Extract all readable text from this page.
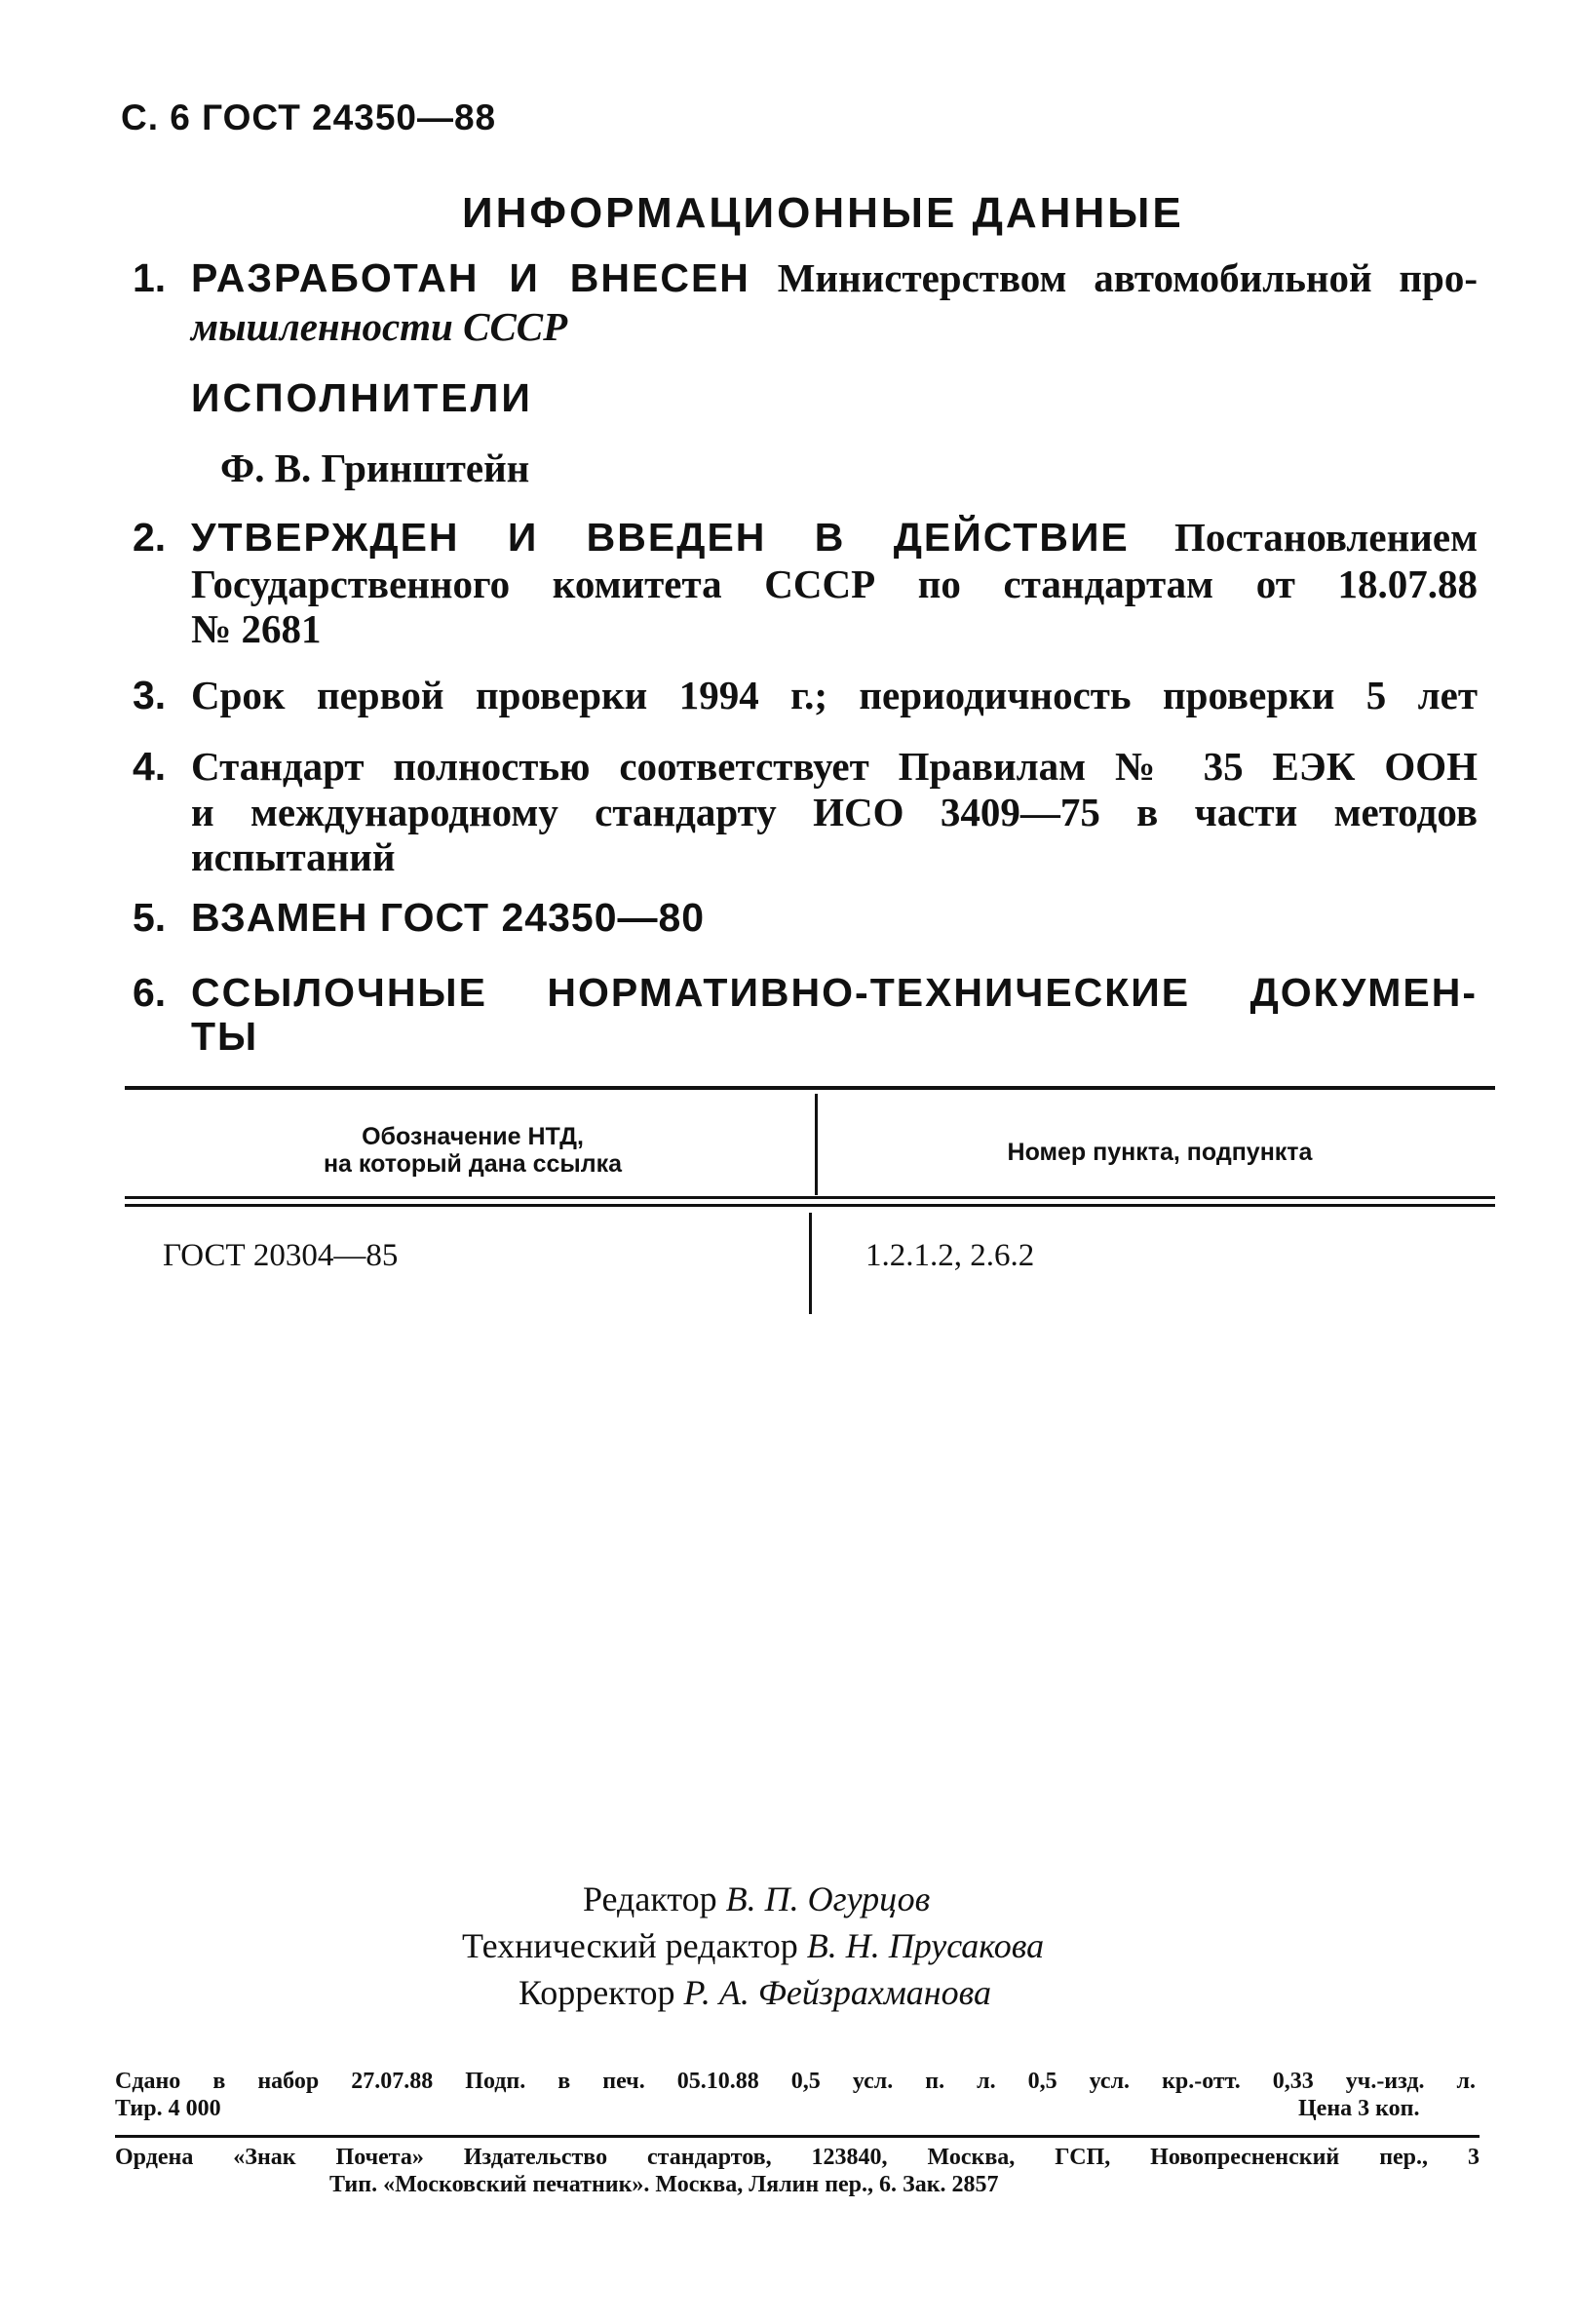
С. 6 ГОСТ 24350—88
ИНФОРМАЦИОННЫЕ ДАННЫЕ
1. РАЗРАБОТАН И ВНЕСЕН Министерством автомобильной про-
мышленности СССР
ИСПОЛНИТЕЛИ
Ф. В. Гринштейн
2. УТВЕРЖДЕН И ВВЕДЕН В ДЕЙСТВИЕ Постановлением
Государственного комитета СССР по стандартам от 18.07.88
№ 2681
3. Срок первой проверки 1994 г.; периодичность проверки 5 лет
4. Стандарт полностью соответствует Правилам № 35 ЕЭК ООН
и международному стандарту ИСО 3409—75 в части методов
испытаний
5. ВЗАМЕН ГОСТ 24350—80
6. ССЫЛОЧНЫЕ НОРМАТИВНО-ТЕХНИЧЕСКИЕ ДОКУМЕН-
ТЫ
Обозначение НТД,
на который дана ссылка	Номер пункта, подпункта
ГОСТ 20304—85	1.2.1.2, 2.6.2
Редактор В. П. Огурцов
Технический редактор В. Н. Прусакова
Корректор Р. А. Фейзрахманова
Сдано в набор 27.07.88 Подп. в печ. 05.10.88 0,5 усл. п. л. 0,5 усл. кр.-отт. 0,33 уч.-изд. л.
Тир. 4 000	Цена 3 коп.
Ордена «Знак Почета» Издательство стандартов, 123840, Москва, ГСП, Новопресненский пер., 3
Тип. «Московский печатник». Москва, Лялин пер., 6. Зак. 2857
